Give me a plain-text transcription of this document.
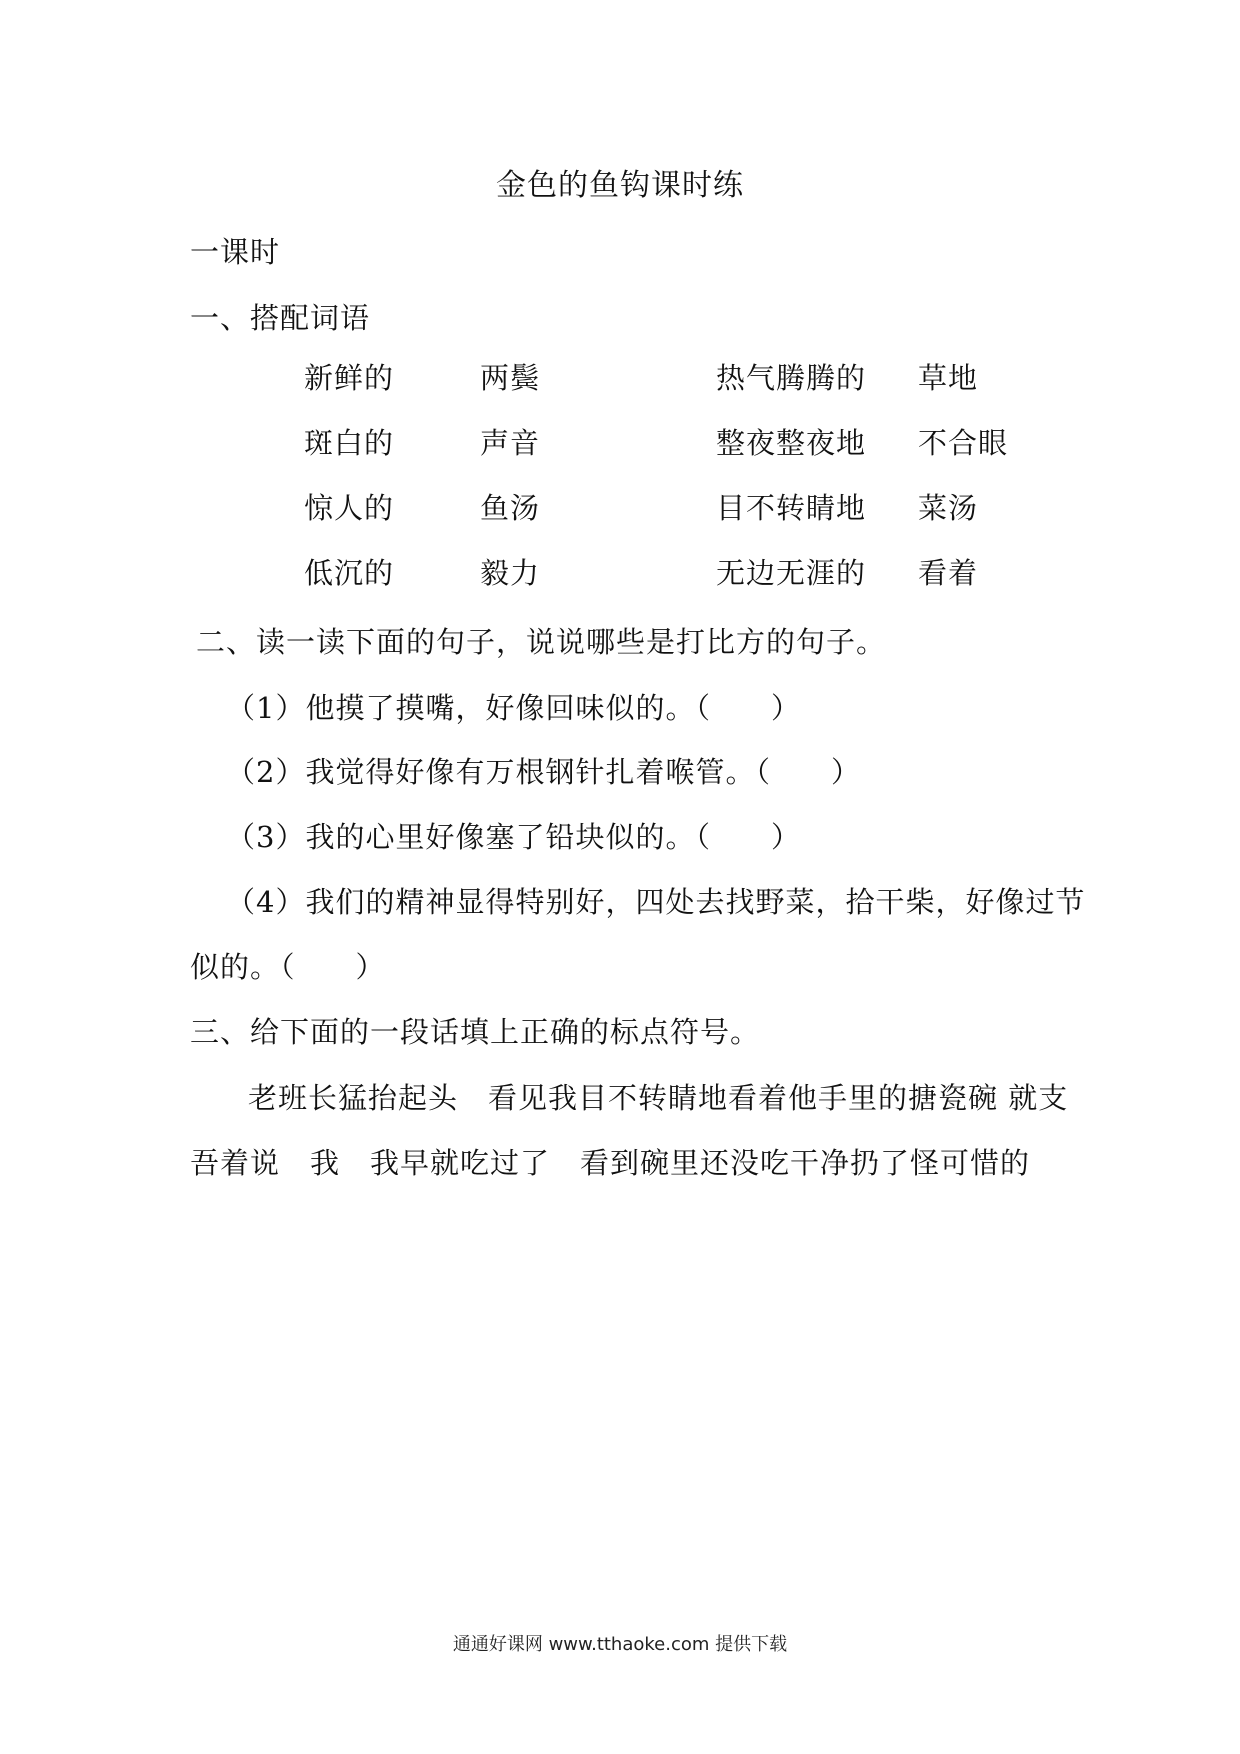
金色的鱼钩课时练
一课时
一、搭配词语
新鲜的	两鬓	热气腾腾的 草地
斑白的	声音	整夜整夜地 不合眼
惊人的	鱼汤	目不转睛地 菜汤
低沉的	毅力	无边无涯的 看着
二、读一读下面的句子，说说哪些是打比方的句子。
（1）他摸了摸嘴，好像回味似的。（　　）
（2）我觉得好像有万根钢针扎着喉管。（　　）
（3）我的心里好像塞了铅块似的。（　　）
（4）我们的精神显得特别好，四处去找野菜，拾干柴，好像过节
似的。（　　）
三、给下面的一段话填上正确的标点符号。
老班长猛抬起头　看见我目不转睛地看着他手里的搪瓷碗 就支
吾着说　我　我早就吃过了　看到碗里还没吃干净扔了怪可惜的
通通好课网 www.tthaoke.com 提供下载
